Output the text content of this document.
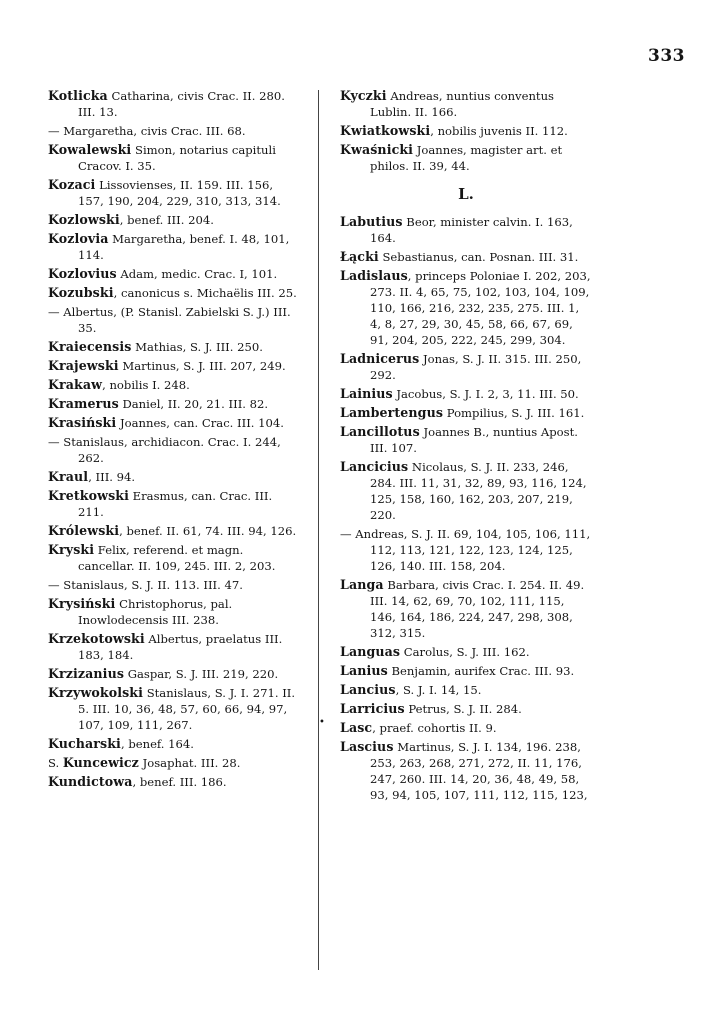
333
Kotlicka Catharina, civis Crac. II. 280. III. 13.
— Margaretha, civis Crac. III. 68.
Kowalewski Simon, notarius capituli Cracov. I. 35.
Kozaci Lissovienses, II. 159. III. 156, 157, 190, 204, 229, 310, 313, 314.
Kozlowski, benef. III. 204.
Kozlovia Margaretha, benef. I. 48, 101, 114.
Kozlovius Adam, medic. Crac. I, 101.
Kozubski, canonicus s. Michaëlis III. 25.
— Albertus, (P. Stanisl. Zabielski S. J.) III. 35.
Kraiecensis Mathias, S. J. III. 250.
Krajewski Martinus, S. J. III. 207, 249.
Krakaw, nobilis I. 248.
Kramerus Daniel, II. 20, 21. III. 82.
Krasiński Joannes, can. Crac. III. 104.
— Stanislaus, archidiacon. Crac. I. 244, 262.
Kraul, III. 94.
Kretkowski Erasmus, can. Crac. III. 211.
Królewski, benef. II. 61, 74. III. 94, 126.
Kryski Felix, referend. et magn. cancellar. II. 109, 245. III. 2, 203.
— Stanislaus, S. J. II. 113. III. 47.
Krysiński Christophorus, pal. Inowlodecensis III. 238.
Krzekotowski Albertus, praelatus III. 183, 184.
Krzizanius Gaspar, S. J. III. 219, 220.
Krzywokolski Stanislaus, S. J. I. 271. II. 5. III. 10, 36, 48, 57, 60, 66, 94, 97, 107, 109, 111, 267.
Kucharski, benef. 164.
S. Kuncewicz Josaphat. III. 28.
Kundictowa, benef. III. 186.
•
Kyczki Andreas, nuntius conventus Lublin. II. 166.
Kwiatkowski, nobilis juvenis II. 112.
Kwaśnicki Joannes, magister art. et philos. II. 39, 44.
L.
Labutius Beor, minister calvin. I. 163, 164.
Łącki Sebastianus, can. Posnan. III. 31.
Ladislaus, princeps Poloniae I. 202, 203, 273. II. 4, 65, 75, 102, 103, 104, 109, 110, 166, 216, 232, 235, 275. III. 1, 4, 8, 27, 29, 30, 45, 58, 66, 67, 69, 91, 204, 205, 222, 245, 299, 304.
Ladnicerus Jonas, S. J. II. 315. III. 250, 292.
Lainius Jacobus, S. J. I. 2, 3, 11. III. 50.
Lambertengus Pompilius, S. J. III. 161.
Lancillotus Joannes B., nuntius Apost. III. 107.
Lancicius Nicolaus, S. J. II. 233, 246, 284. III. 11, 31, 32, 89, 93, 116, 124, 125, 158, 160, 162, 203, 207, 219, 220.
— Andreas, S. J. II. 69, 104, 105, 106, 111, 112, 113, 121, 122, 123, 124, 125, 126, 140. III. 158, 204.
Langa Barbara, civis Crac. I. 254. II. 49. III. 14, 62, 69, 70, 102, 111, 115, 146, 164, 186, 224, 247, 298, 308, 312, 315.
Languas Carolus, S. J. III. 162.
Lanius Benjamin, aurifex Crac. III. 93.
Lancius, S. J. I. 14, 15.
Larricius Petrus, S. J. II. 284.
Lasc, praef. cohortis II. 9.
Lascius Martinus, S. J. I. 134, 196. 238, 253, 263, 268, 271, 272, II. 11, 176, 247, 260. III. 14, 20, 36, 48, 49, 58, 93, 94, 105, 107, 111, 112, 115, 123,
